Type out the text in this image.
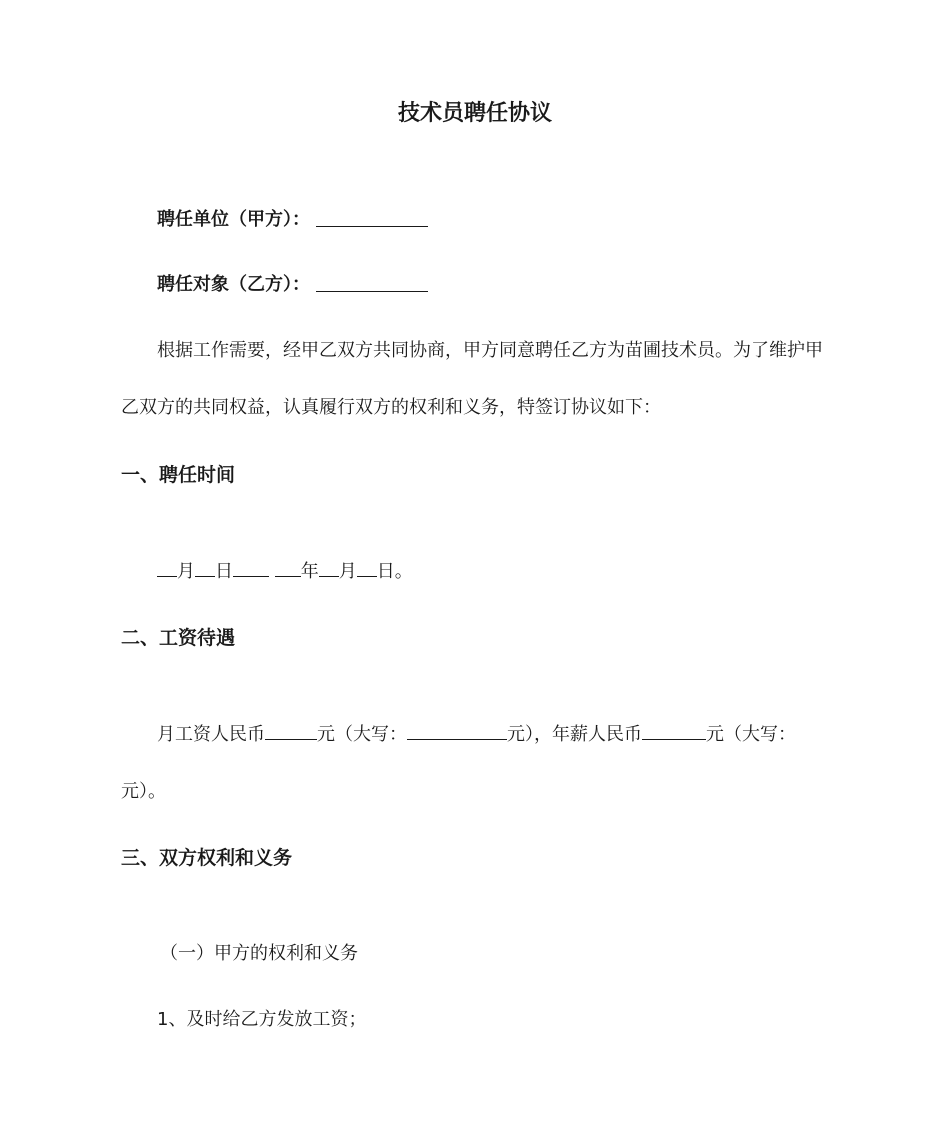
技术员聘任协议
聘任单位（甲方）：
聘任对象（乙方）：
根据工作需要，经甲乙双方共同协商，甲方同意聘任乙方为苗圃技术员。为了维护甲
乙双方的共同权益，认真履行双方的权利和义务，特签订协议如下：
一、聘任时间
月 日	年 月 日。
二、工资待遇
月工资人民币	元（大写：	元），年薪人民币	元（大写：
元）。
三、双方权利和义务
（一）甲方的权利和义务
1、及时给乙方发放工资；
